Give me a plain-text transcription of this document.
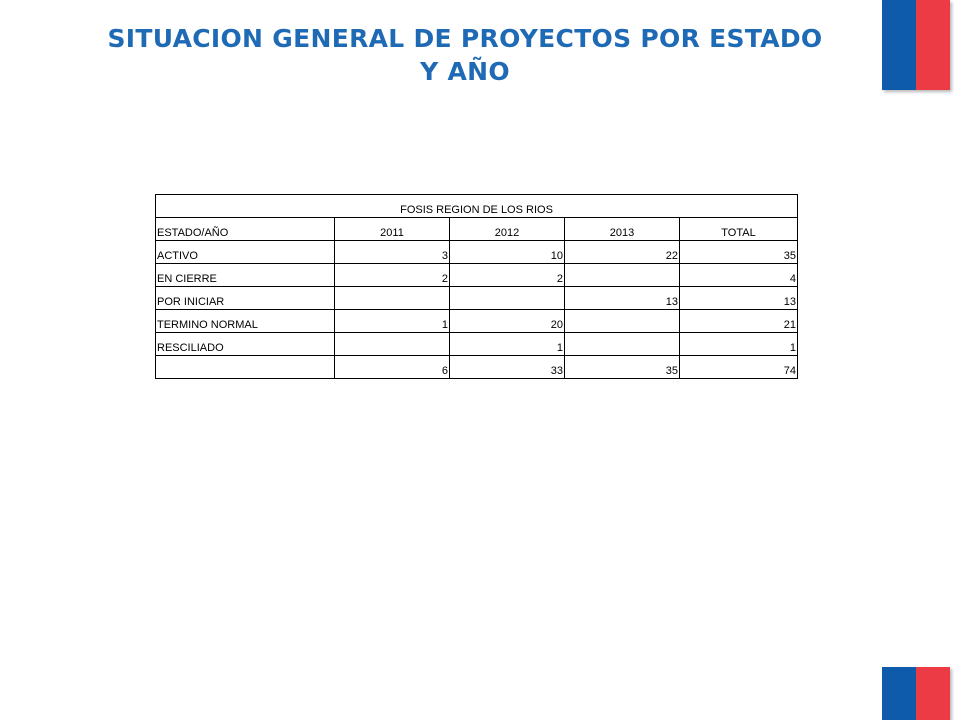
SITUACION GENERAL DE PROYECTOS POR ESTADO Y AÑO
FOSIS REGION DE LOS RIOS				
ESTADO/AÑO	2011	2012	2013	TOTAL
ACTIVO	3	10	22	35
EN CIERRE	2	2		4
POR INICIAR			13	13
TERMINO NORMAL	1	20		21
RESCILIADO		1		1
	6	33	35	74
